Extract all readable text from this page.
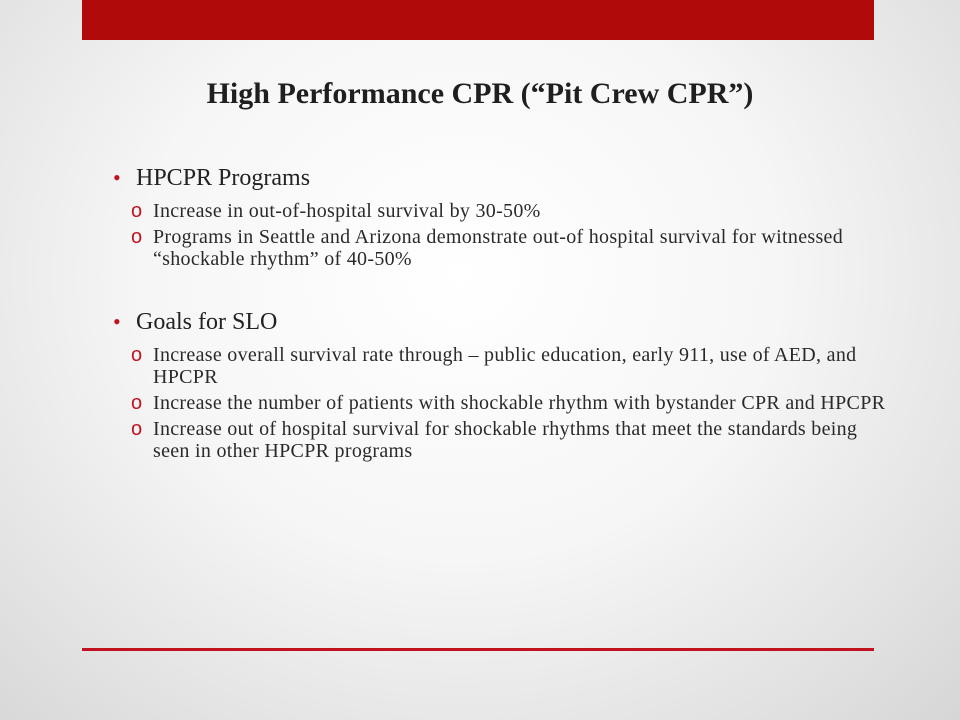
High Performance CPR (“Pit Crew CPR”)
• HPCPR Programs
o Increase in out-of-hospital survival by 30-50%
o Programs in Seattle and Arizona demonstrate out-of hospital survival for witnessed “shockable rhythm” of 40-50%
• Goals for SLO
o Increase overall survival rate through – public education, early 911, use of AED, and HPCPR
o Increase the number of patients with shockable rhythm with bystander CPR and HPCPR
o Increase out of hospital survival for shockable rhythms that meet the standards being seen in other HPCPR programs
